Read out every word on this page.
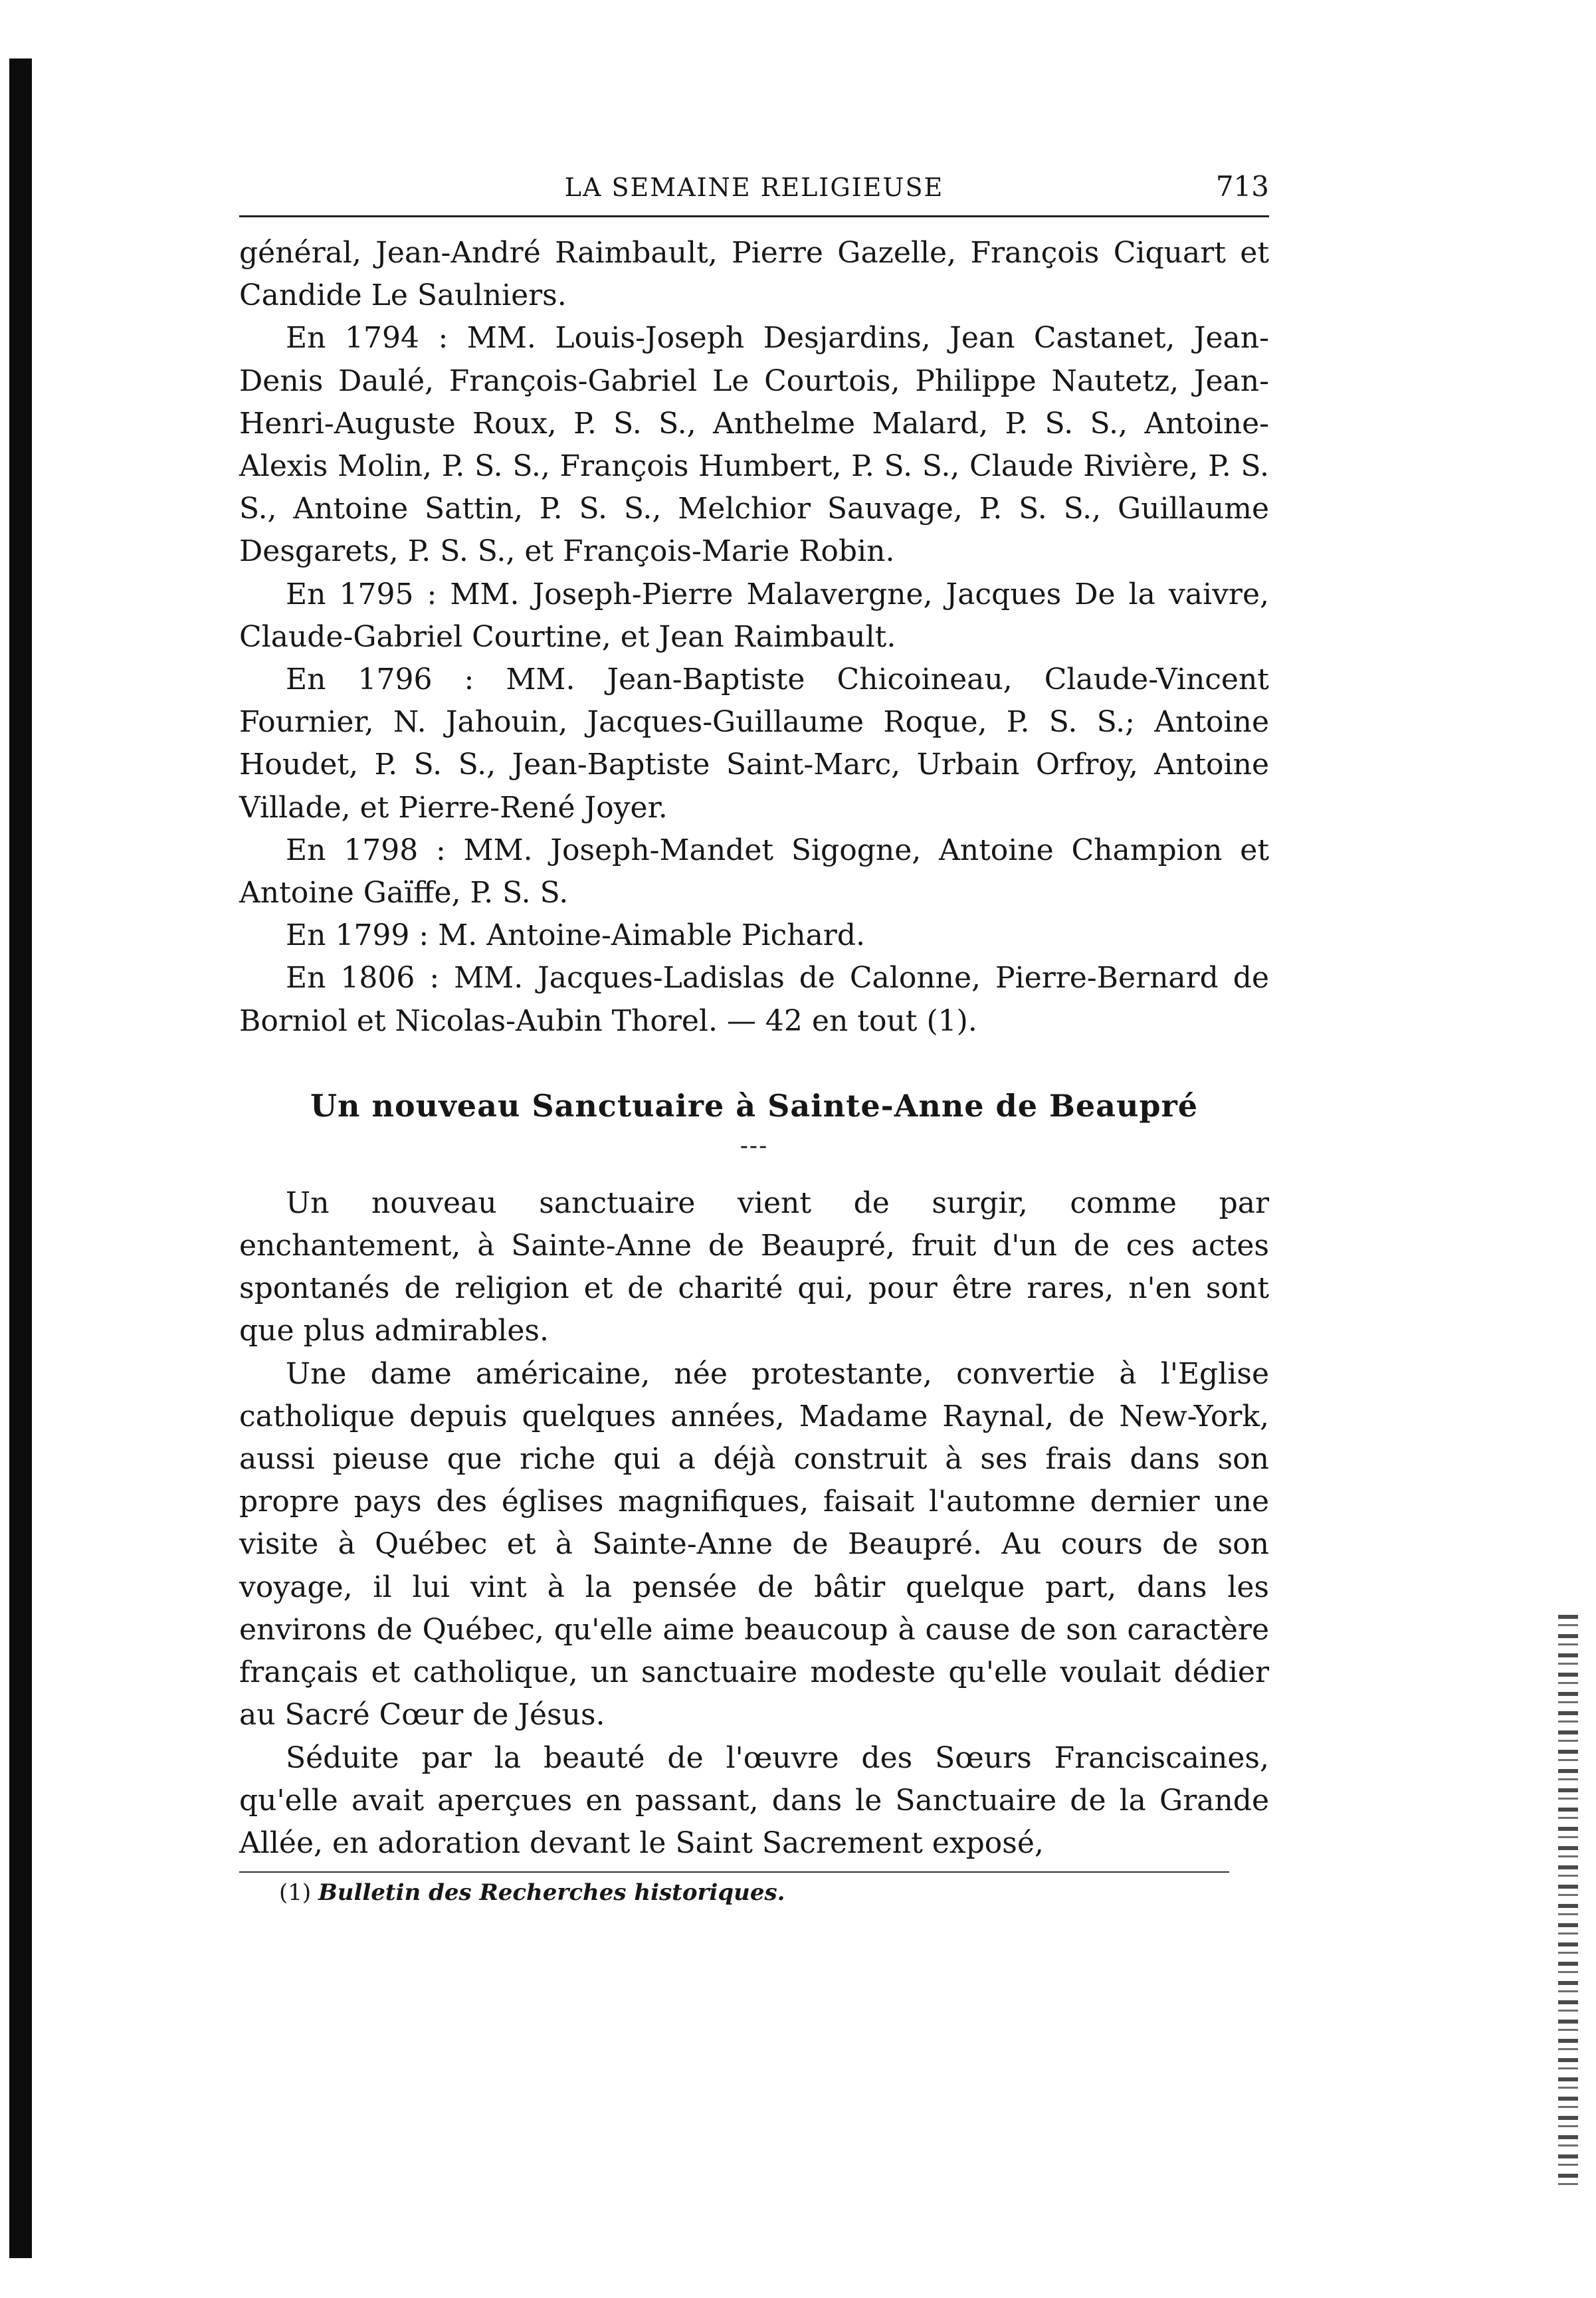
LA SEMAINE RELIGIEUSE	713

général, Jean-André Raimbault, Pierre Gazelle, François Ciquart et Candide Le Saulniers.

En 1794 : MM. Louis-Joseph Desjardins, Jean Castanet, Jean-Denis Daulé, François-Gabriel Le Courtois, Philippe Nautetz, Jean-Henri-Auguste Roux, P. S. S., Anthelme Malard, P. S. S., Antoine-Alexis Molin, P. S. S., François Humbert, P. S. S., Claude Rivière, P. S. S., Antoine Sattin, P. S. S., Melchior Sauvage, P. S. S., Guillaume Desgarets, P. S. S., et François-Marie Robin.

En 1795 : MM. Joseph-Pierre Malavergne, Jacques De la vaivre, Claude-Gabriel Courtine, et Jean Raimbault.

En 1796 : MM. Jean-Baptiste Chicoineau, Claude-Vincent Fournier, N. Jahouin, Jacques-Guillaume Roque, P. S. S.; Antoine Houdet, P. S. S., Jean-Baptiste Saint-Marc, Urbain Orfroy, Antoine Villade, et Pierre-René Joyer.

En 1798 : MM. Joseph-Mandet Sigogne, Antoine Champion et Antoine Gaïffe, P. S. S.

En 1799 : M. Antoine-Aimable Pichard.

En 1806 : MM. Jacques-Ladislas de Calonne, Pierre-Bernard de Borniol et Nicolas-Aubin Thorel. — 42 en tout (1).

Un nouveau Sanctuaire à Sainte-Anne de Beaupré
---

Un nouveau sanctuaire vient de surgir, comme par enchantement, à Sainte-Anne de Beaupré, fruit d'un de ces actes spontanés de religion et de charité qui, pour être rares, n'en sont que plus admirables.

Une dame américaine, née protestante, convertie à l'Eglise catholique depuis quelques années, Madame Raynal, de New-York, aussi pieuse que riche qui a déjà construit à ses frais dans son propre pays des églises magnifiques, faisait l'automne dernier une visite à Québec et à Sainte-Anne de Beaupré. Au cours de son voyage, il lui vint à la pensée de bâtir quelque part, dans les environs de Québec, qu'elle aime beaucoup à cause de son caractère français et catholique, un sanctuaire modeste qu'elle voulait dédier au Sacré Cœur de Jésus.

Séduite par la beauté de l'œuvre des Sœurs Franciscaines, qu'elle avait aperçues en passant, dans le Sanctuaire de la Grande Allée, en adoration devant le Saint Sacrement exposé,

(1) Bulletin des Recherches historiques.
